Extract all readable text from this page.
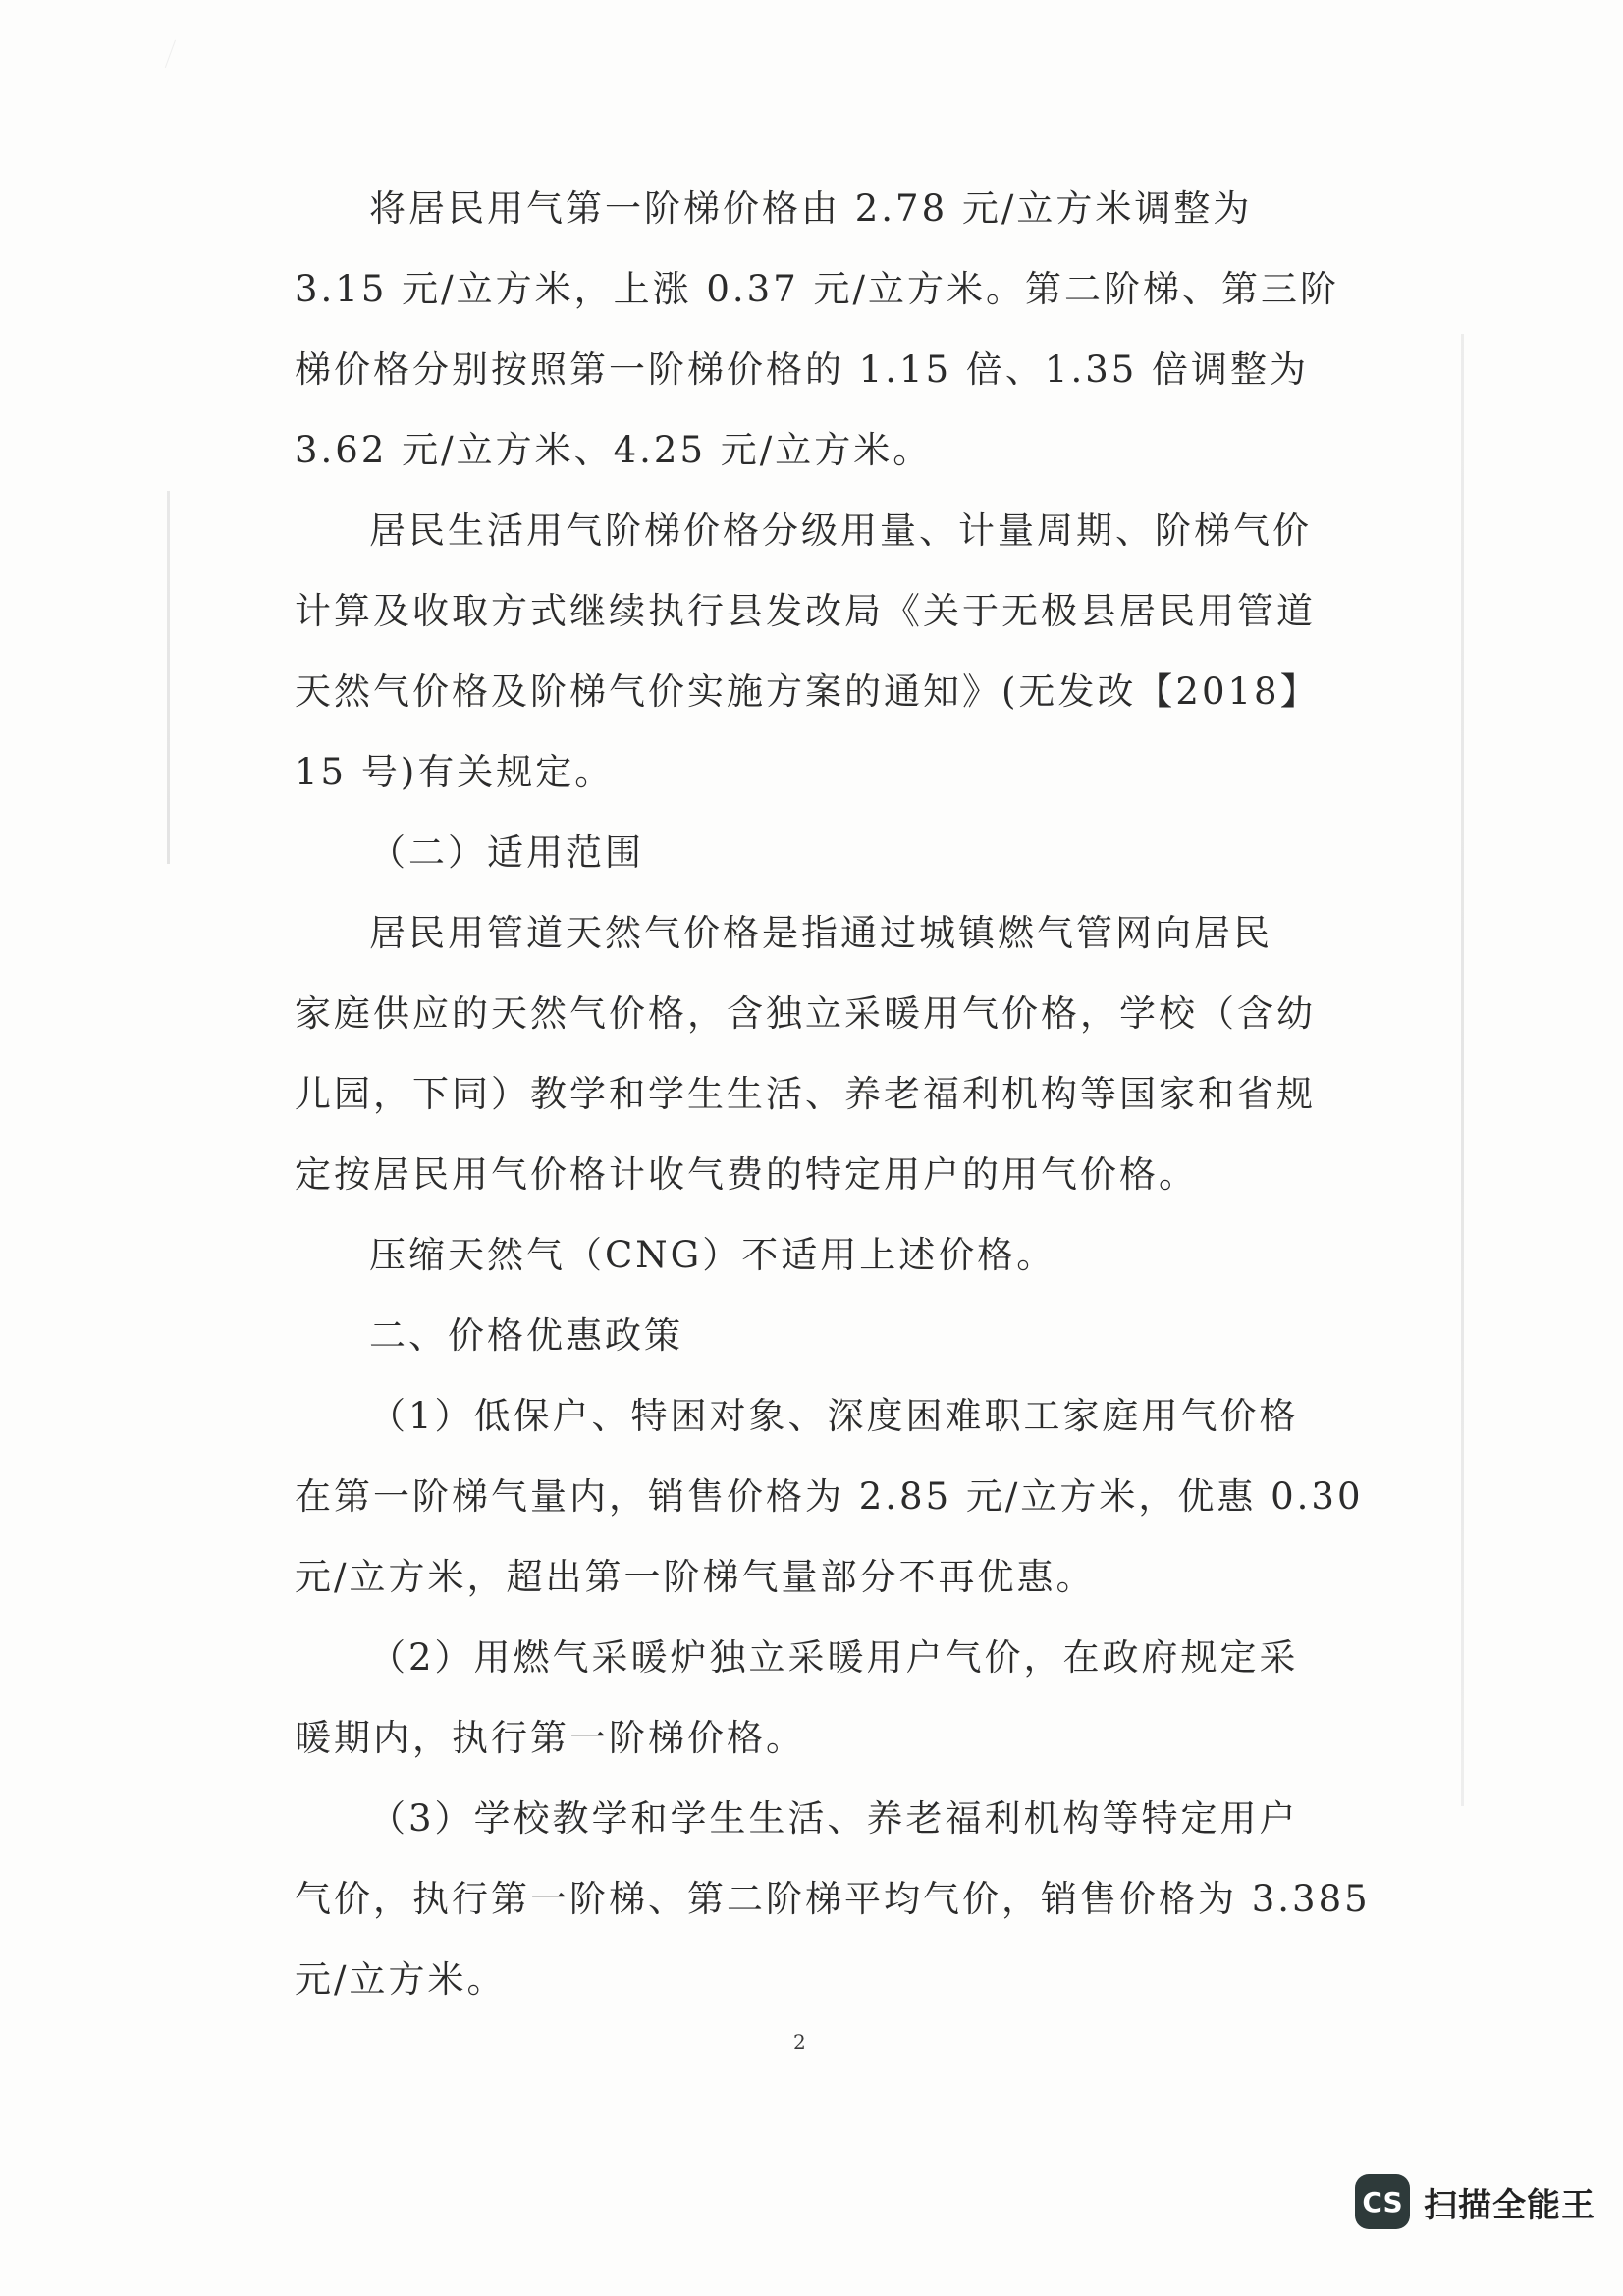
将居民用气第一阶梯价格由 2.78 元/立方米调整为
3.15 元/立方米，上涨 0.37 元/立方米。第二阶梯、第三阶
梯价格分别按照第一阶梯价格的 1.15 倍、1.35 倍调整为
3.62 元/立方米、4.25 元/立方米。
居民生活用气阶梯价格分级用量、计量周期、阶梯气价
计算及收取方式继续执行县发改局《关于无极县居民用管道
天然气价格及阶梯气价实施方案的通知》(无发改【2018】
15 号)有关规定。
（二）适用范围
居民用管道天然气价格是指通过城镇燃气管网向居民
家庭供应的天然气价格，含独立采暖用气价格，学校（含幼
儿园，下同）教学和学生生活、养老福利机构等国家和省规
定按居民用气价格计收气费的特定用户的用气价格。
压缩天然气（CNG）不适用上述价格。
二、价格优惠政策
（1）低保户、特困对象、深度困难职工家庭用气价格
在第一阶梯气量内，销售价格为 2.85 元/立方米，优惠 0.30
元/立方米，超出第一阶梯气量部分不再优惠。
（2）用燃气采暖炉独立采暖用户气价，在政府规定采
暖期内，执行第一阶梯价格。
（3）学校教学和学生生活、养老福利机构等特定用户
气价，执行第一阶梯、第二阶梯平均气价，销售价格为 3.385
元/立方米。
2
CS 扫描全能王
